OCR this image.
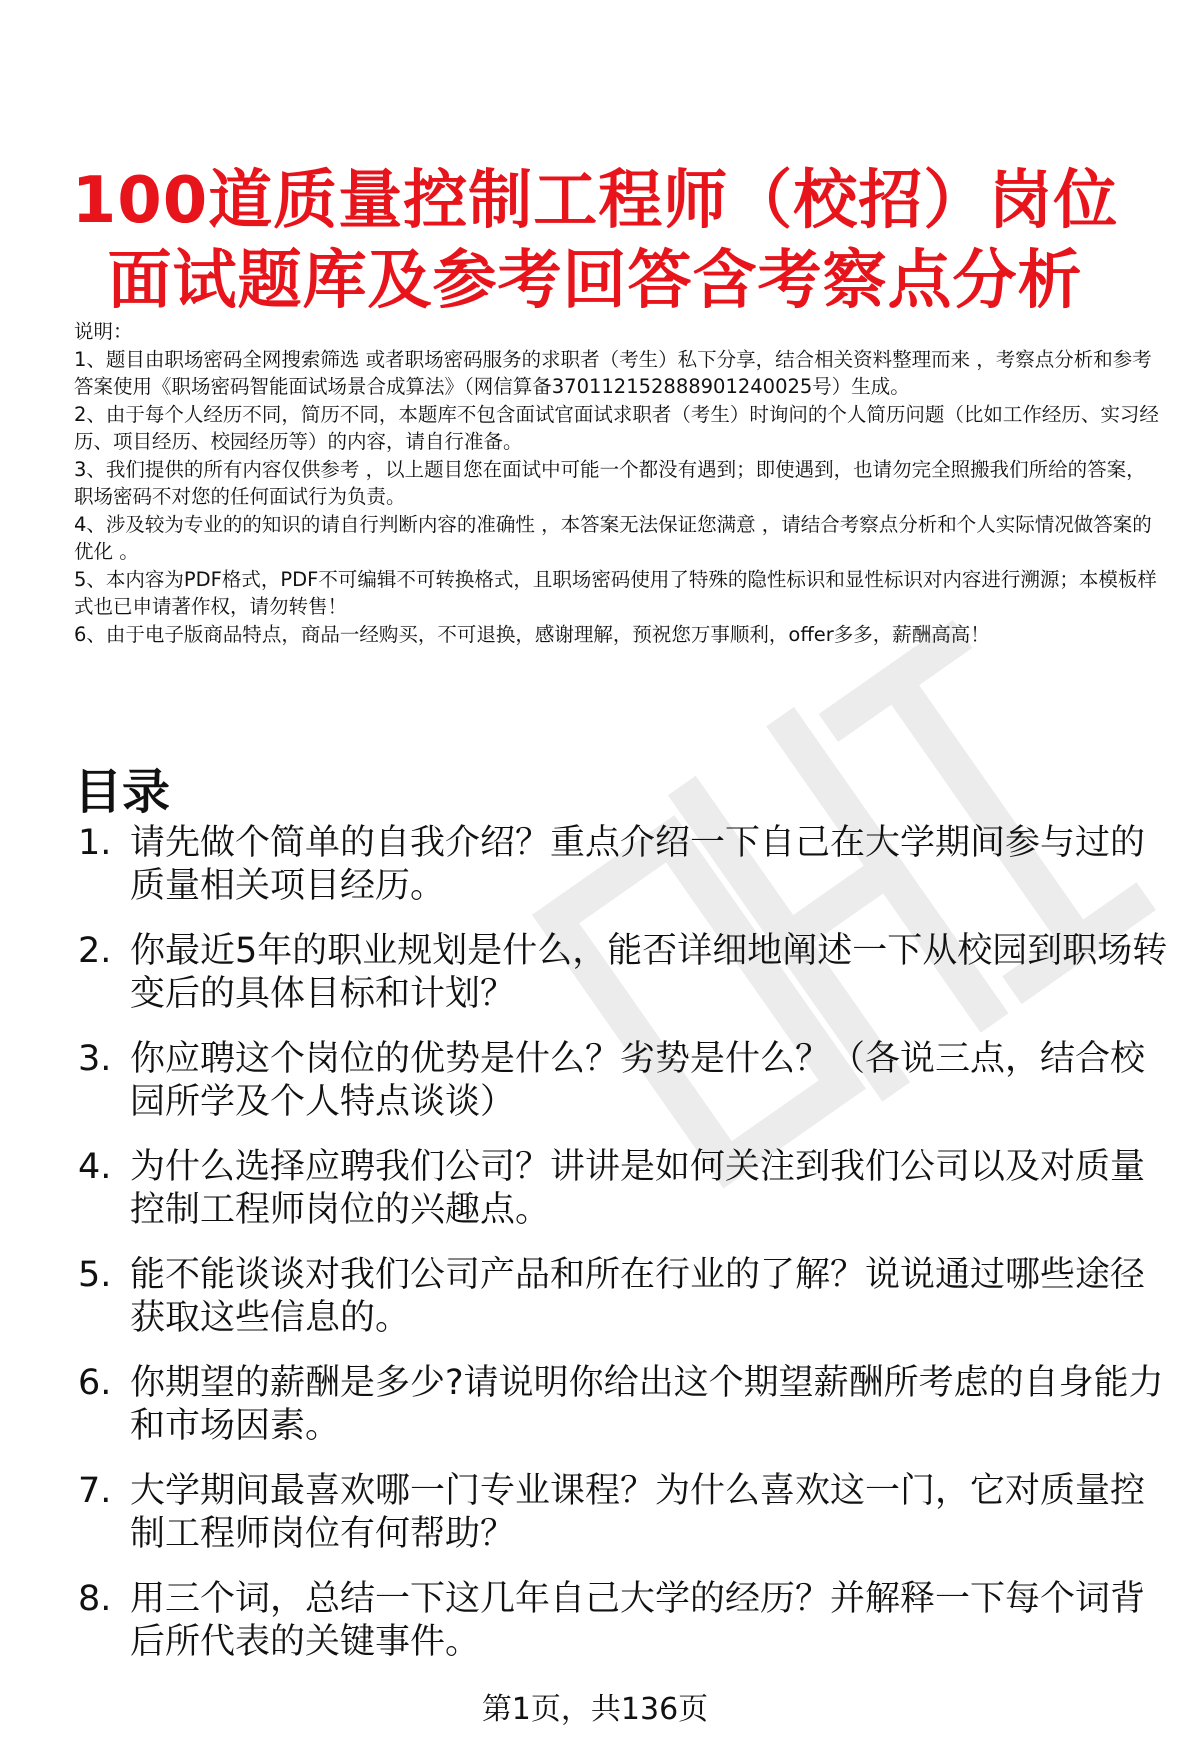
100道质量控制工程师（校招）岗位
面试题库及参考回答含考察点分析

说明：

1、题目由职场密码全网搜索筛选 或者职场密码服务的求职者（考生）私下分享，结合相关资料整理而来 ，考察点分析和参考答案使用《职场密码智能面试场景合成算法》（网信算备370112152888901240025号）生成。

2、由于每个人经历不同，简历不同，本题库不包含面试官面试求职者（考生）时询问的个人简历问题（比如工作经历、实习经历、项目经历、校园经历等）的内容，请自行准备。

3、我们提供的所有内容仅供参考 ，以上题目您在面试中可能一个都没有遇到；即使遇到，也请勿完全照搬我们所给的答案，职场密码不对您的任何面试行为负责。

4、涉及较为专业的的知识的请自行判断内容的准确性 ，本答案无法保证您满意 ，请结合考察点分析和个人实际情况做答案的优化 。

5、本内容为PDF格式，PDF不可编辑不可转换格式，且职场密码使用了特殊的隐性标识和显性标识对内容进行溯源；本模板样式也已申请著作权，请勿转售！

6、由于电子版商品特点，商品一经购买，不可退换，感谢理解，预祝您万事顺利，offer多多，薪酬高高！

目录
1. 请先做个简单的自我介绍？重点介绍一下自己在大学期间参与过的质量相关项目经历。
2. 你最近5年的职业规划是什么，能否详细地阐述一下从校园到职场转变后的具体目标和计划？
3. 你应聘这个岗位的优势是什么？劣势是什么？（各说三点，结合校园所学及个人特点谈谈）
4. 为什么选择应聘我们公司？讲讲是如何关注到我们公司以及对质量控制工程师岗位的兴趣点。
5. 能不能谈谈对我们公司产品和所在行业的了解？说说通过哪些途径获取这些信息的。
6. 你期望的薪酬是多少?请说明你给出这个期望薪酬所考虑的自身能力和市场因素。
7. 大学期间最喜欢哪一门专业课程？为什么喜欢这一门，它对质量控制工程师岗位有何帮助？
8. 用三个词，总结一下这几年自己大学的经历？并解释一下每个词背后所代表的关键事件。
第1页，共136页
